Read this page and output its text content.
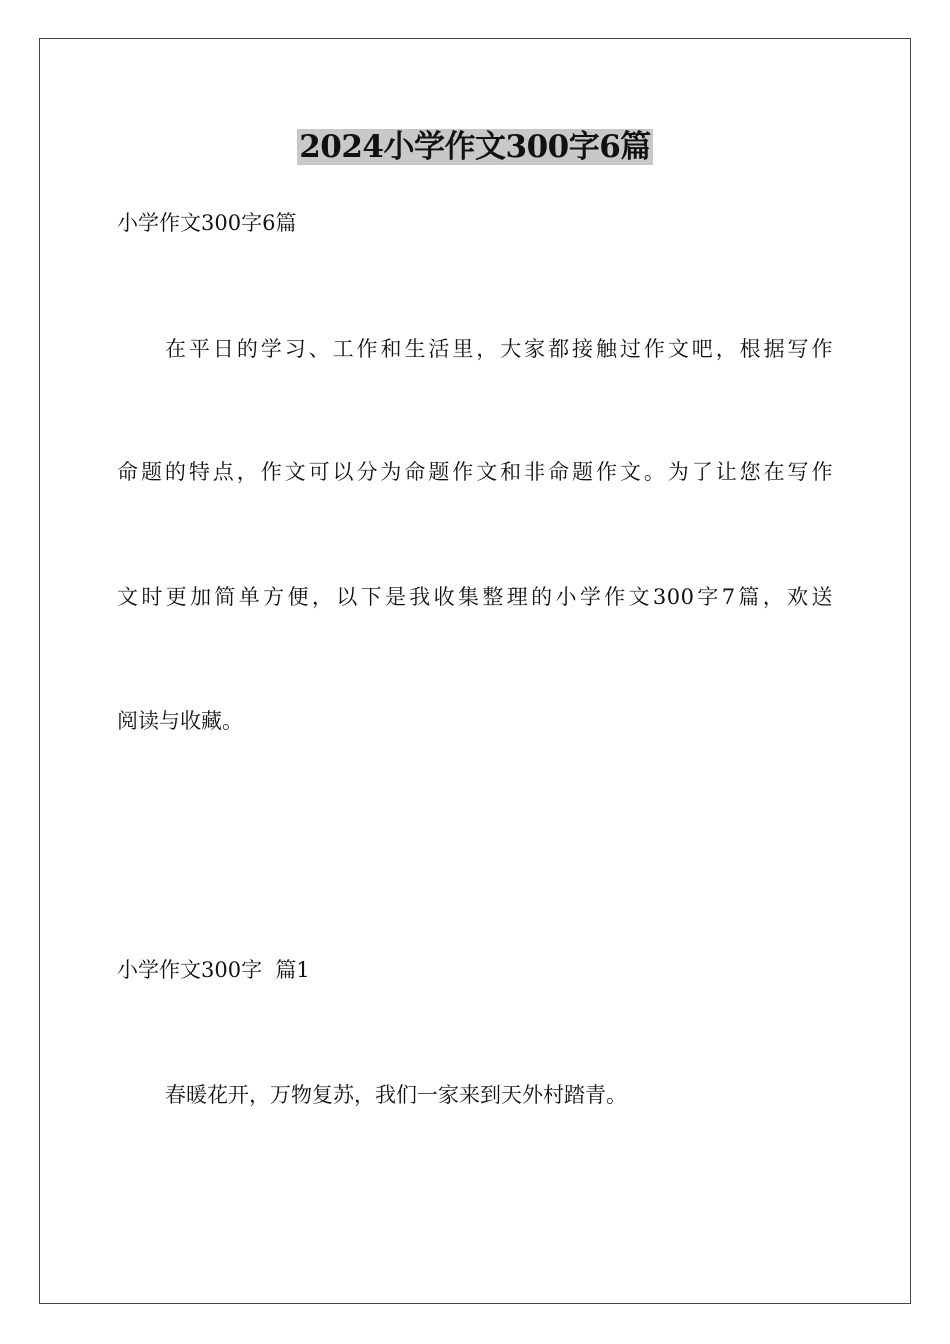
2024小学作文300字6篇
小学作文300字6篇
在平日的学习、工作和生活里，大家都接触过作文吧，根据写作
命题的特点，作文可以分为命题作文和非命题作文。为了让您在写作
文时更加简单方便，以下是我收集整理的小学作文300字7篇，欢送
阅读与收藏。
小学作文300字  篇1
春暖花开，万物复苏，我们一家来到天外村踏青。
